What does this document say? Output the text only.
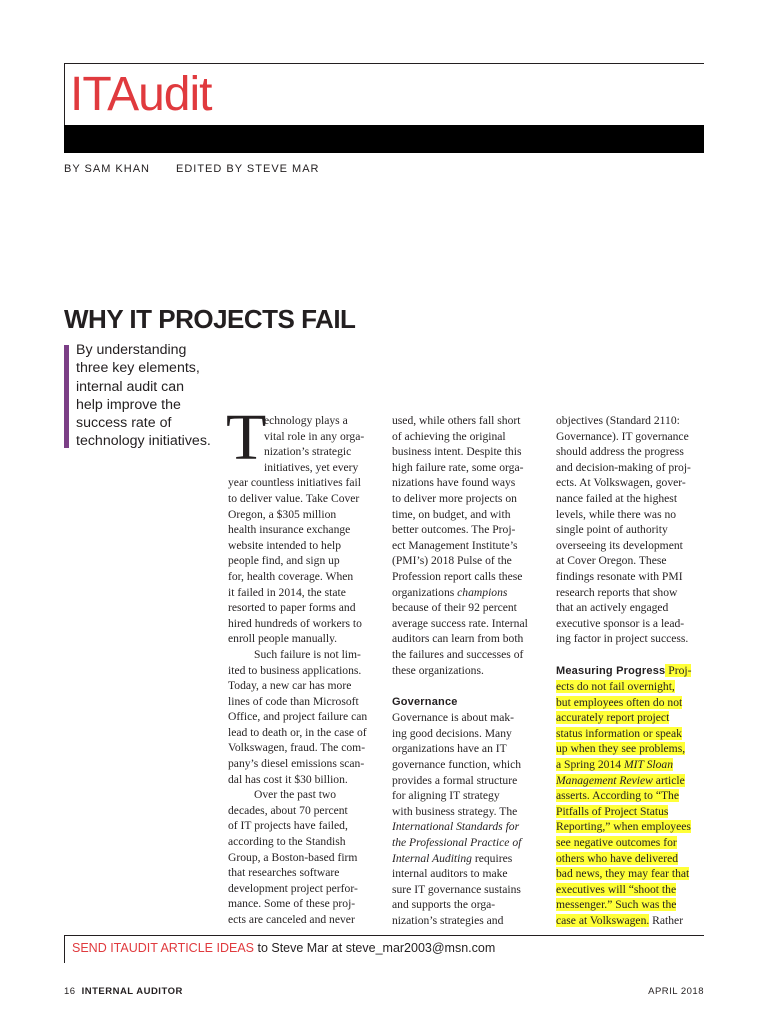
ITAudit
BY SAM KHAN EDITED BY STEVE MAR
WHY IT PROJECTS FAIL
By understanding
three key elements,
internal audit can
help improve the
success rate of
technology initiatives. T
echnology plays a
vital role in any orga-
nization’s strategic
initiatives, yet every
year countless initiatives fail
to deliver value. Take Cover
Oregon, a $305 million
health insurance exchange
website intended to help
people find, and sign up
for, health coverage. When
it failed in 2014, the state
resorted to paper forms and
hired hundreds of workers to
enroll people manually.
Such failure is not lim-
ited to business applications.
Today, a new car has more
lines of code than Microsoft
Office, and project failure can
lead to death or, in the case of
Volkswagen, fraud. The com-
pany’s diesel emissions scan-
dal has cost it $30 billion.
Over the past two
decades, about 70 percent
of IT projects have failed,
according to the Standish
Group, a Boston-based firm
that researches software
development project perfor-
mance. Some of these proj-
ects are canceled and never
used, while others fall short
of achieving the original
business intent. Despite this
high failure rate, some orga-
nizations have found ways
to deliver more projects on
time, on budget, and with
better outcomes. The Proj-
ect Management Institute’s
(PMI’s) 2018 Pulse of the
Profession report calls these
organizations champions
because of their 92 percent
average success rate. Internal
auditors can learn from both
the failures and successes of
these organizations.
Governance
Governance is about mak-
ing good decisions. Many
organizations have an IT
governance function, which
provides a formal structure
for aligning IT strategy
with business strategy. The
International Standards for
the Professional Practice of
Internal Auditing requires
internal auditors to make
sure IT governance sustains
and supports the orga-
nization’s strategies and
objectives (Standard 2110:
Governance). IT governance
should address the progress
and decision-making of proj-
ects. At Volkswagen, gover-
nance failed at the highest
levels, while there was no
single point of authority
overseeing its development
at Cover Oregon. These
findings resonate with PMI
research reports that show
that an actively engaged
executive sponsor is a lead-
ing factor in project success.
Measuring Progress Proj-
ects do not fail overnight,
but employees often do not
accurately report project
status information or speak
up when they see problems,
a Spring 2014 MIT Sloan
Management Review article
asserts. According to “The
Pitfalls of Project Status
Reporting,” when employees
see negative outcomes for
others who have delivered
bad news, they may fear that
executives will “shoot the
messenger.” Such was the
case at Volkswagen. Rather
SEND ITAUDIT ARTICLE IDEAS to Steve Mar at steve_mar2003@msn.com
16 INTERNAL AUDITOR	APRIL 2018
